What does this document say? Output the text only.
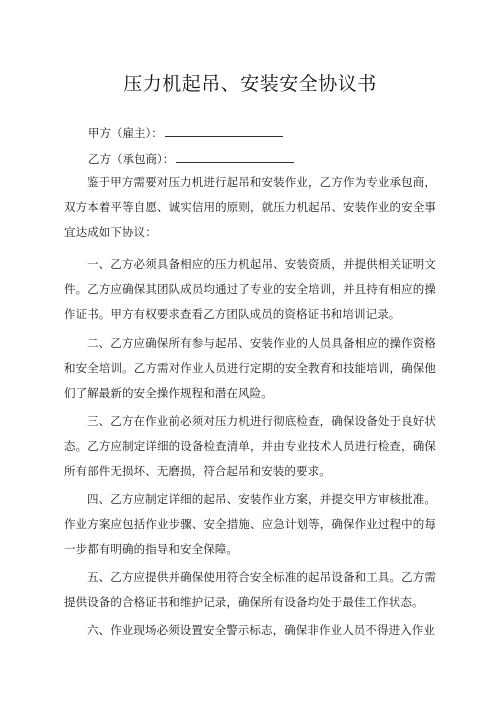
压力机起吊、安装安全协议书
甲方（雇主）：
乙方（承包商）：

鉴于甲方需要对压力机进行起吊和安装作业，乙方作为专业承包商，双方本着平等自愿、诚实信用的原则，就压力机起吊、安装作业的安全事宜达成如下协议：

一、乙方必须具备相应的压力机起吊、安装资质，并提供相关证明文件。乙方应确保其团队成员均通过了专业的安全培训，并且持有相应的操作证书。甲方有权要求查看乙方团队成员的资格证书和培训记录。

二、乙方应确保所有参与起吊、安装作业的人员具备相应的操作资格和安全培训。乙方需对作业人员进行定期的安全教育和技能培训，确保他们了解最新的安全操作规程和潜在风险。

三、乙方在作业前必须对压力机进行彻底检查，确保设备处于良好状态。乙方应制定详细的设备检查清单，并由专业技术人员进行检查，确保所有部件无损坏、无磨损，符合起吊和安装的要求。

四、乙方应制定详细的起吊、安装作业方案，并提交甲方审核批准。作业方案应包括作业步骤、安全措施、应急计划等，确保作业过程中的每一步都有明确的指导和安全保障。

五、乙方应提供并确保使用符合安全标准的起吊设备和工具。乙方需提供设备的合格证书和维护记录，确保所有设备均处于最佳工作状态。

六、作业现场必须设置安全警示标志，确保非作业人员不得进入作业
